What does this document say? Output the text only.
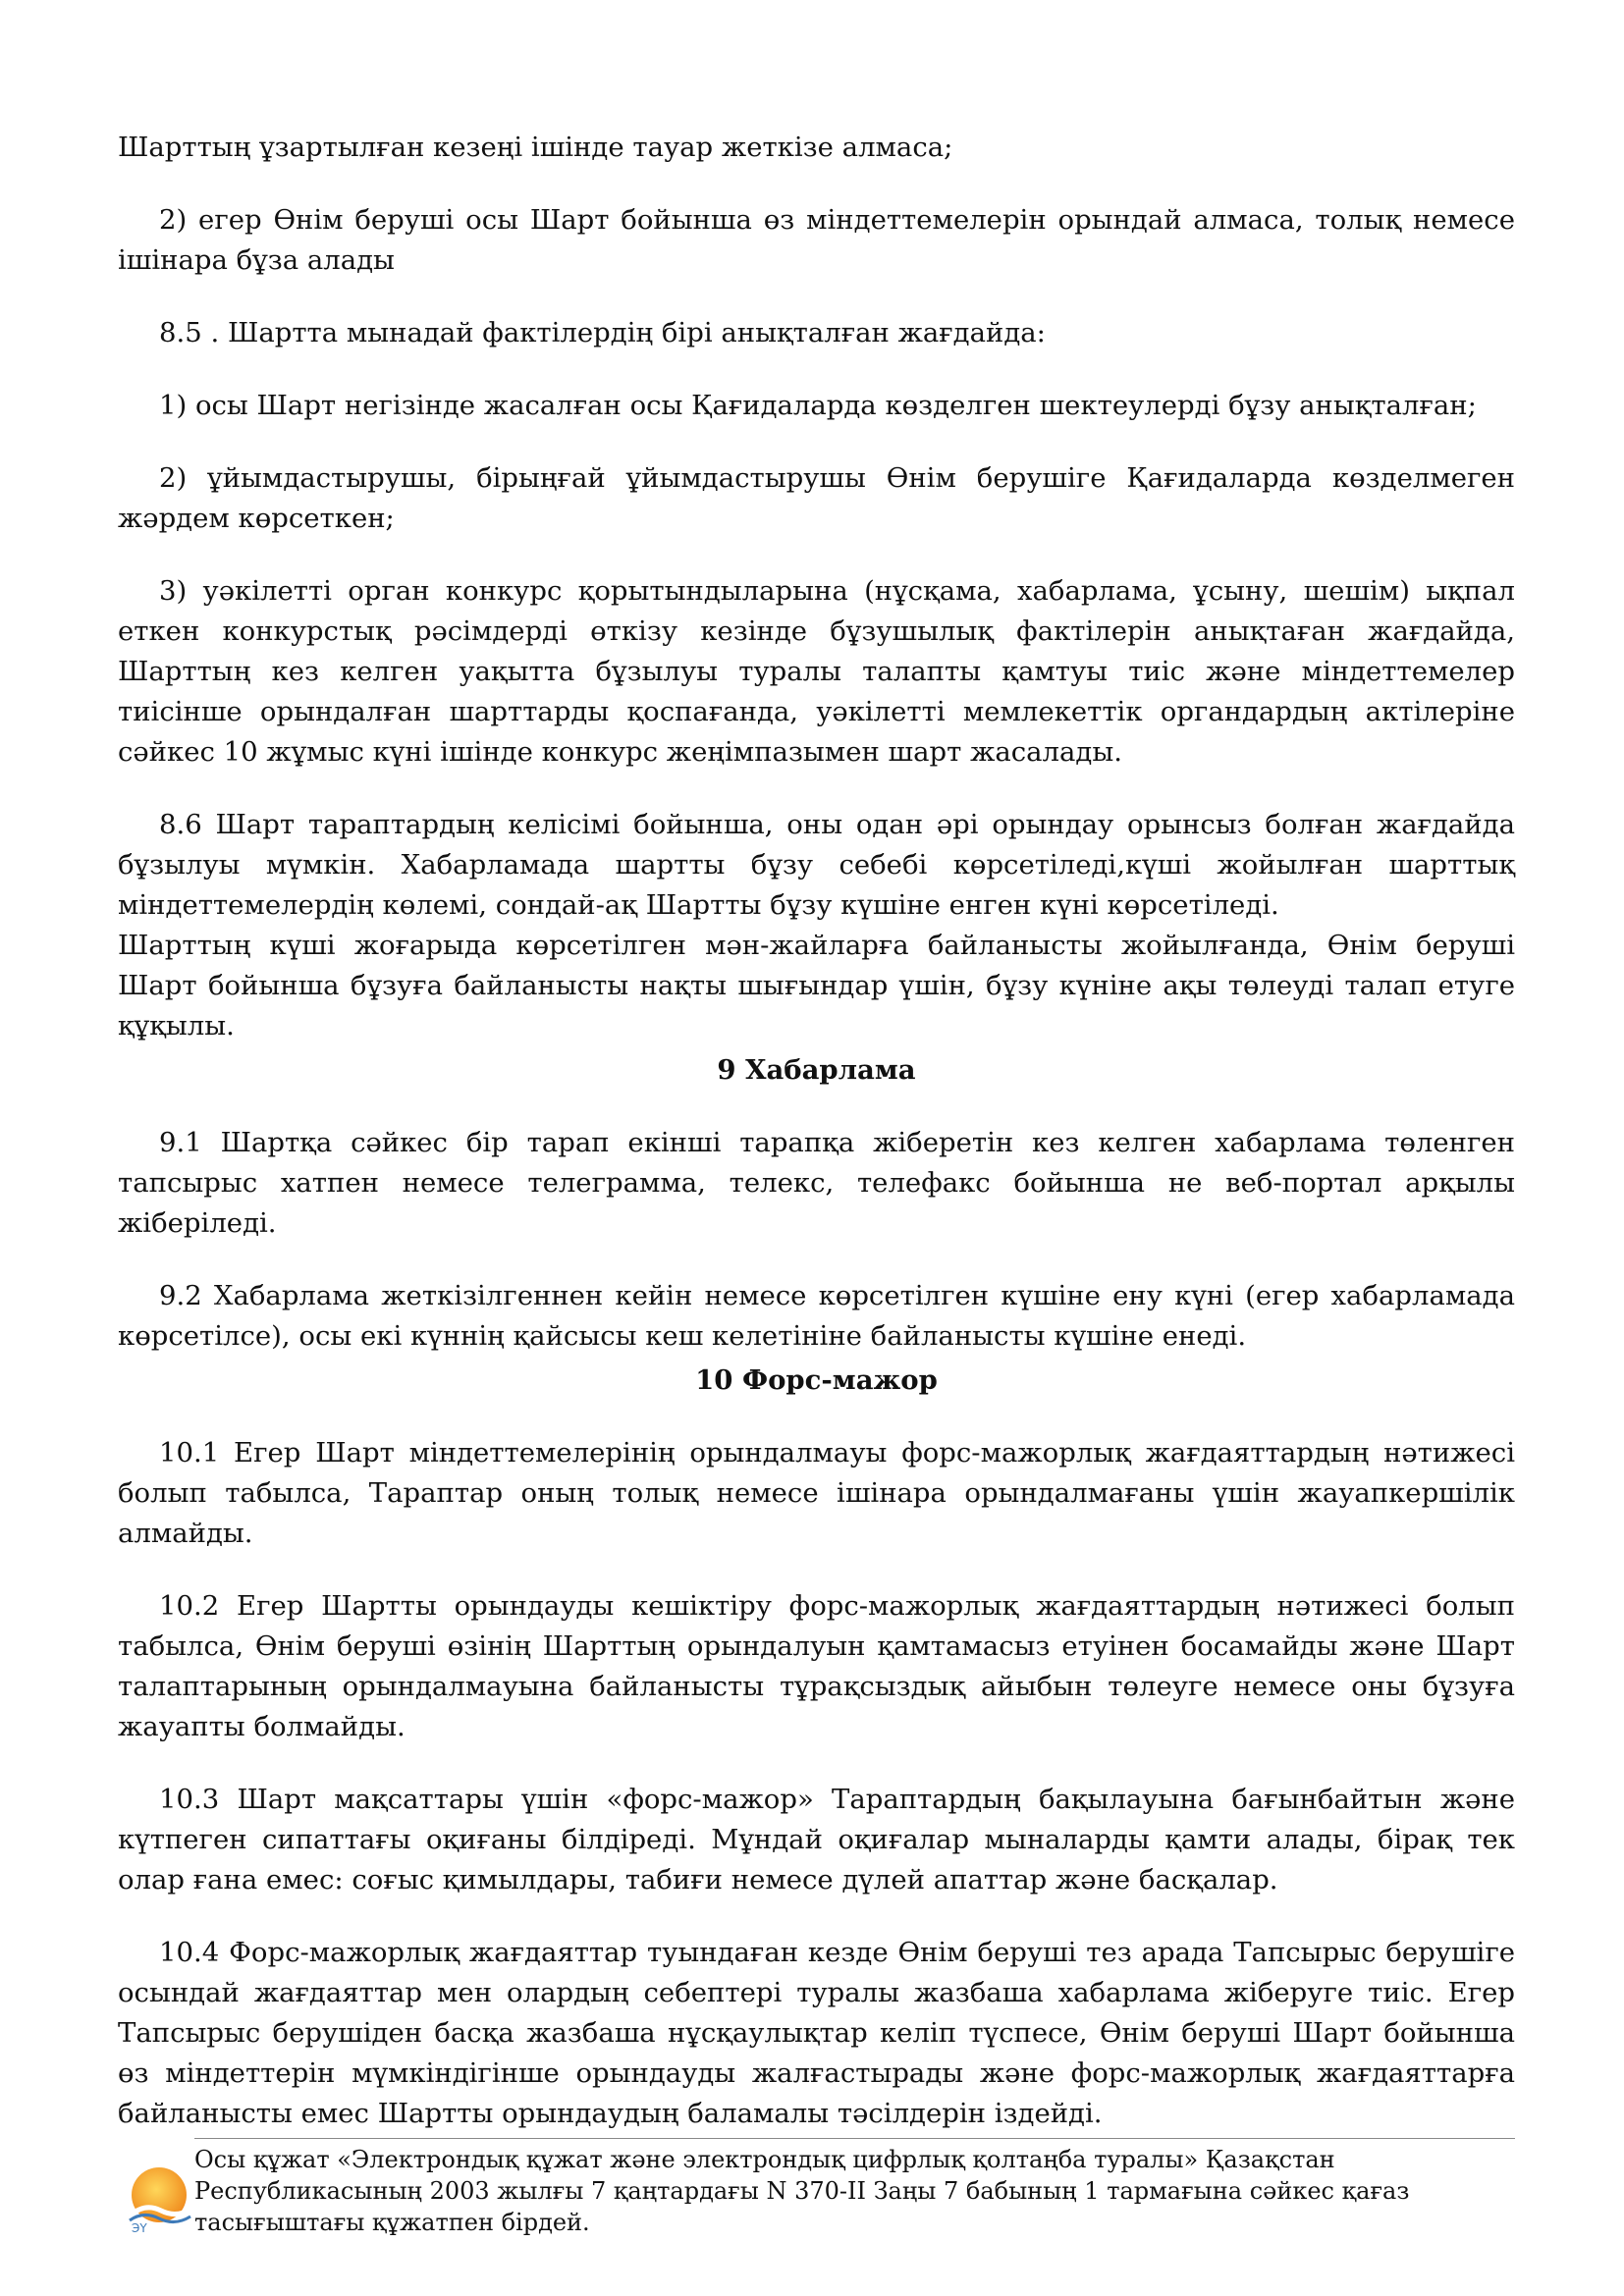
Шарттың ұзартылған кезеңі ішінде тауар жеткізе алмаса;

2) егер Өнім беруші осы Шарт бойынша өз міндеттемелерін орындай алмаса, толық немесе ішінара бұза алады

8.5 . Шартта мынадай фактілердің бірі анықталған жағдайда:

1) осы Шарт негізінде жасалған осы Қағидаларда көзделген шектеулерді бұзу анықталған;

2) ұйымдастырушы, бірыңғай ұйымдастырушы Өнім берушіге Қағидаларда көзделмеген жәрдем көрсеткен;

3) уәкілетті орган конкурс қорытындыларына (нұсқама, хабарлама, ұсыну, шешім) ықпал еткен конкурстық рәсімдерді өткізу кезінде бұзушылық фактілерін анықтаған жағдайда, Шарттың кез келген уақытта бұзылуы туралы талапты қамтуы тиіс және міндеттемелер тиісінше орындалған шарттарды қоспағанда, уәкілетті мемлекеттік органдардың актілеріне сәйкес 10 жұмыс күні ішінде конкурс жеңімпазымен шарт жасалады.

8.6 Шарт тараптардың келісімі бойынша, оны одан әрі орындау орынсыз болған жағдайда бұзылуы мүмкін. Хабарламада шартты бұзу себебі көрсетіледі,күші жойылған шарттық міндеттемелердің көлемі, сондай-ақ Шартты бұзу күшіне енген күні көрсетіледі.

Шарттың күші жоғарыда көрсетілген мән-жайларға байланысты жойылғанда, Өнім беруші Шарт бойынша бұзуға байланысты нақты шығындар үшін, бұзу күніне ақы төлеуді талап етуге құқылы.

9 Хабарлама

9.1 Шартқа сәйкес бір тарап екінші тарапқа жіберетін кез келген хабарлама төленген тапсырыс хатпен немесе телеграмма, телекс, телефакс бойынша не веб-портал арқылы жіберіледі.

9.2 Хабарлама жеткізілгеннен кейін немесе көрсетілген күшіне ену күні (егер хабарламада көрсетілсе), осы екі күннің қайсысы кеш келетініне байланысты күшіне енеді.

10 Форс-мажор

10.1 Егер Шарт міндеттемелерінің орындалмауы форс-мажорлық жағдаяттардың нәтижесі болып табылса, Тараптар оның толық немесе ішінара орындалмағаны үшін жауапкершілік алмайды.

10.2 Егер Шартты орындауды кешіктіру форс-мажорлық жағдаяттардың нәтижесі болып табылса, Өнім беруші өзінің Шарттың орындалуын қамтамасыз етуінен босамайды және Шарт талаптарының орындалмауына байланысты тұрақсыздық айыбын төлеуге немесе оны бұзуға жауапты болмайды.

10.3 Шарт мақсаттары үшін «форс-мажор» Тараптардың бақылауына бағынбайтын және күтпеген сипаттағы оқиғаны білдіреді. Мұндай оқиғалар мыналарды қамти алады, бірақ тек олар ғана емес: соғыс қимылдары, табиғи немесе дүлей апаттар және басқалар.

10.4 Форс-мажорлық жағдаяттар туындаған кезде Өнім беруші тез арада Тапсырыс берушіге осындай жағдаяттар мен олардың себептері туралы жазбаша хабарлама жіберуге тиіс. Егер Тапсырыс берушіден басқа жазбаша нұсқаулықтар келіп түспесе, Өнім беруші Шарт бойынша өз міндеттерін мүмкіндігінше орындауды жалғастырады және форс-мажорлық жағдаяттарға байланысты емес Шартты орындаудың баламалы тәсілдерін іздейді.

ЭҮ
Осы құжат «Электрондық құжат және электрондық цифрлық қолтаңба туралы» Қазақстан Республикасының 2003 жылғы 7 қаңтардағы N 370-II Заңы 7 бабының 1 тармағына сәйкес қағаз тасығыштағы құжатпен бірдей.
